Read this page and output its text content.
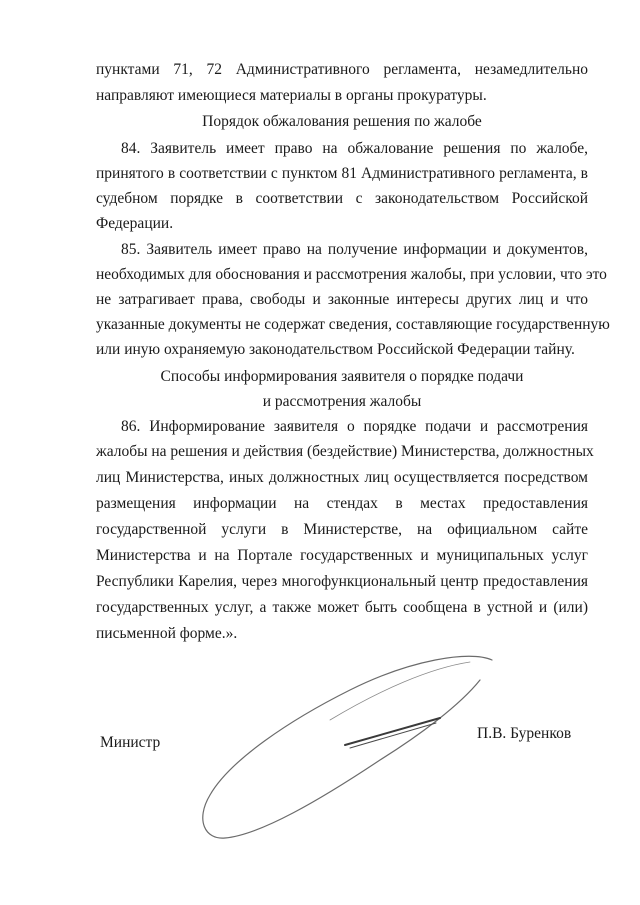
пунктами 71, 72 Административного регламента, незамедлительно
направляют имеющиеся материалы в органы прокуратуры.
Порядок обжалования решения по жалобе
84. Заявитель имеет право на обжалование решения по жалобе,
принятого в соответствии с пунктом 81 Административного регламента, в
судебном порядке в соответствии с законодательством Российской
Федерации.
85. Заявитель имеет право на получение информации и документов,
необходимых для обоснования и рассмотрения жалобы, при условии, что это
не затрагивает права, свободы и законные интересы других лиц и что
указанные документы не содержат сведения, составляющие государственную
или иную охраняемую законодательством Российской Федерации тайну.
Способы информирования заявителя о порядке подачи
и рассмотрения жалобы
86. Информирование заявителя о порядке подачи и рассмотрения
жалобы на решения и действия (бездействие) Министерства, должностных
лиц Министерства, иных должностных лиц осуществляется посредством
размещения информации на стендах в местах предоставления
государственной услуги в Министерстве, на официальном сайте
Министерства и на Портале государственных и муниципальных услуг
Республики Карелия, через многофункциональный центр предоставления
государственных услуг, а также может быть сообщена в устной и (или)
письменной форме.».
Министр
П.В. Буренков
